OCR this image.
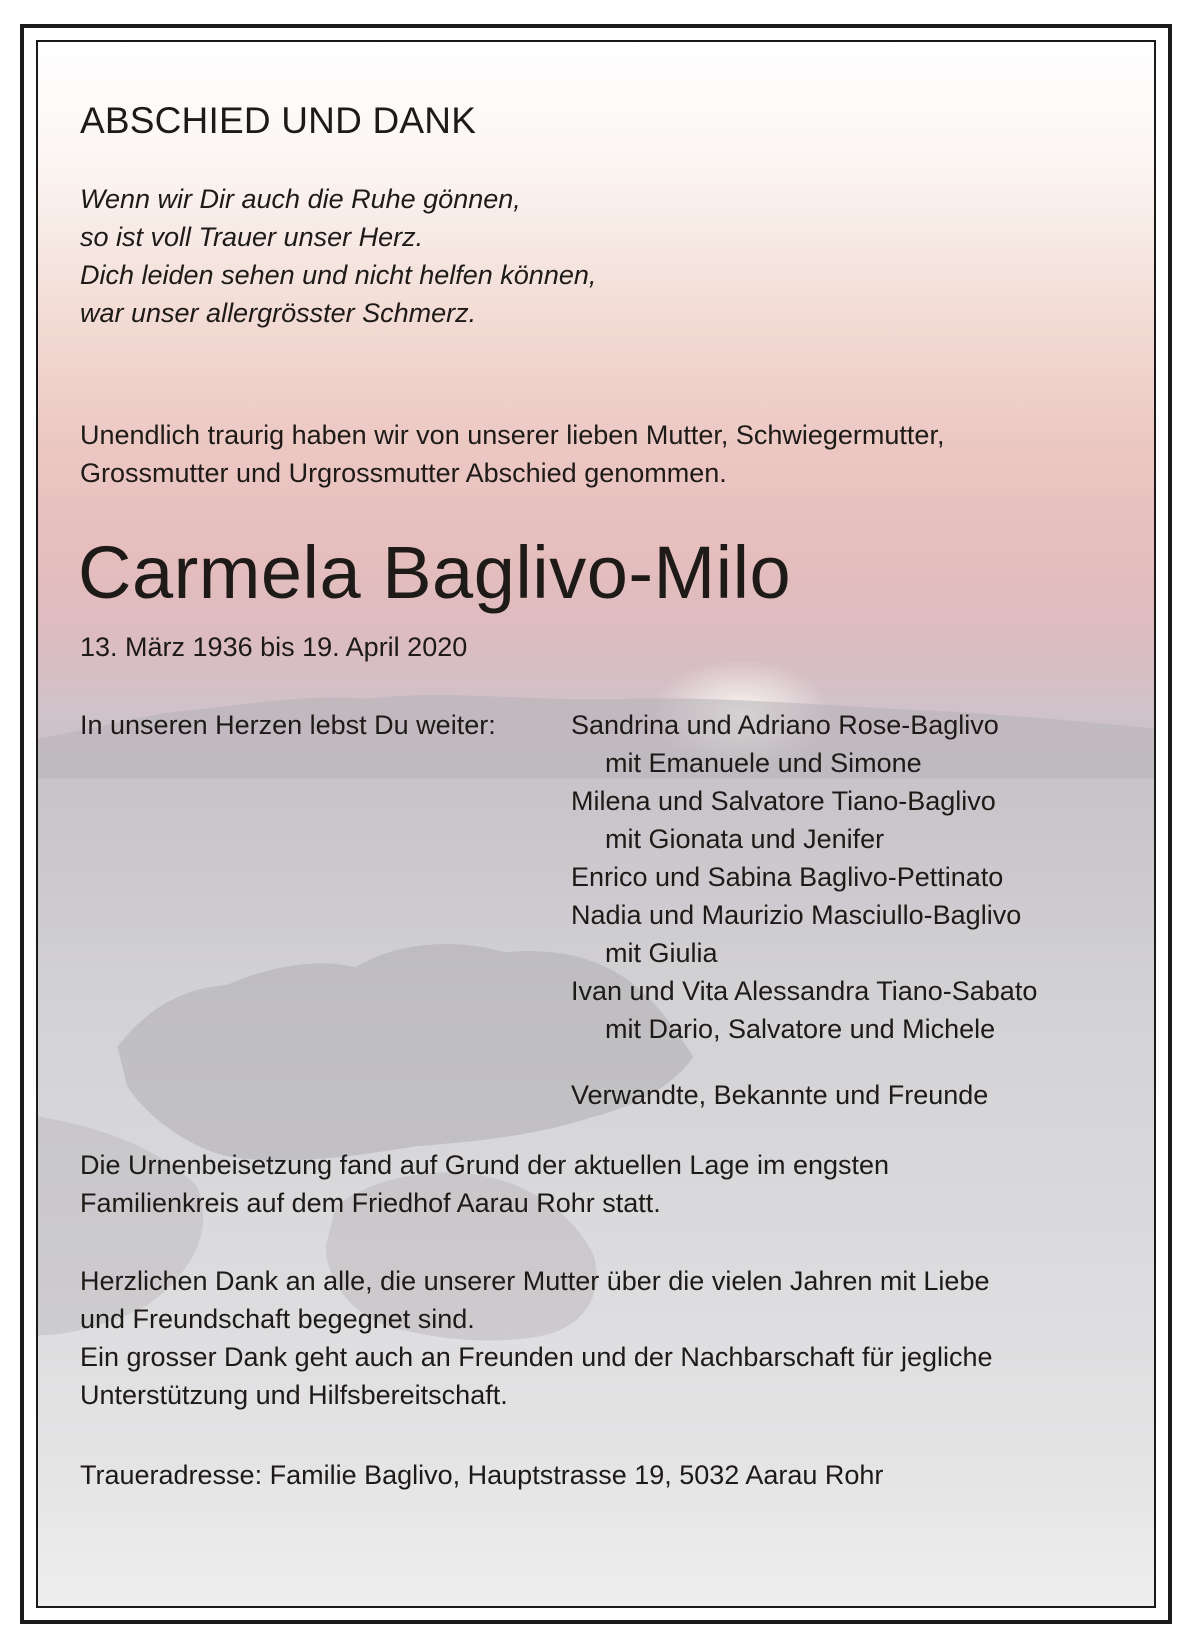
ABSCHIED UND DANK
Wenn wir Dir auch die Ruhe gönnen,
so ist voll Trauer unser Herz.
Dich leiden sehen und nicht helfen können,
war unser allergrösster Schmerz.
Unendlich traurig haben wir von unserer lieben Mutter, Schwiegermutter,
Grossmutter und Urgrossmutter Abschied genommen.
Carmela Baglivo-Milo
13. März 1936 bis 19. April 2020
In unseren Herzen lebst Du weiter:	Sandrina und Adriano Rose-Baglivo
mit Emanuele und Simone
Milena und Salvatore Tiano-Baglivo
mit Gionata und Jenifer
Enrico und Sabina Baglivo-Pettinato
Nadia und Maurizio Masciullo-Baglivo
mit Giulia
Ivan und Vita Alessandra Tiano-Sabato
mit Dario, Salvatore und Michele
Verwandte, Bekannte und Freunde
Die Urnenbeisetzung fand auf Grund der aktuellen Lage im engsten
Familienkreis auf dem Friedhof Aarau Rohr statt.
Herzlichen Dank an alle, die unserer Mutter über die vielen Jahren mit Liebe
und Freundschaft begegnet sind.
Ein grosser Dank geht auch an Freunden und der Nachbarschaft für jegliche
Unterstützung und Hilfsbereitschaft.
Traueradresse: Familie Baglivo, Hauptstrasse 19, 5032 Aarau Rohr
